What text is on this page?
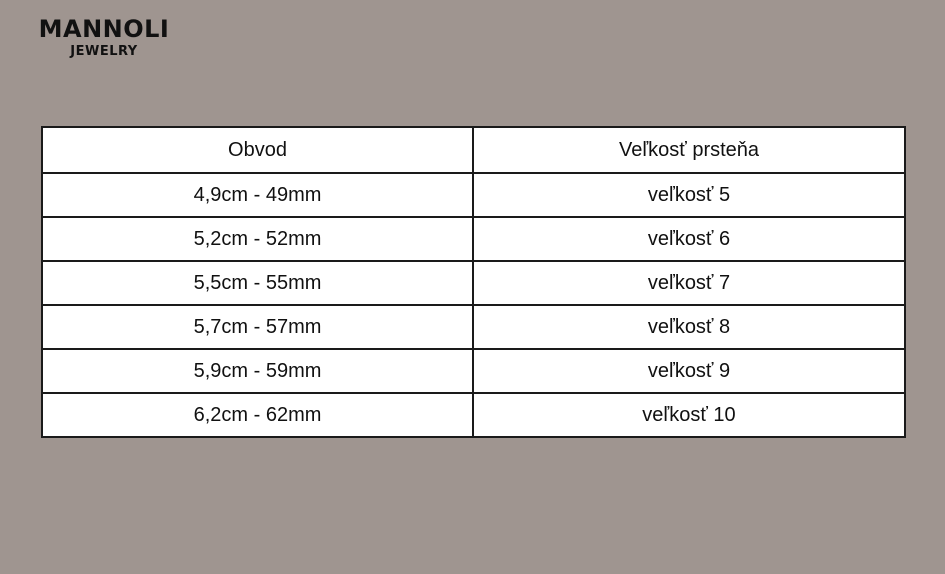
MANNOLI
JEWELRY
Obvod	Veľkosť prsteňa
4,9cm - 49mm	veľkosť 5
5,2cm - 52mm	veľkosť 6
5,5cm - 55mm	veľkosť 7
5,7cm - 57mm	veľkosť 8
5,9cm - 59mm	veľkosť 9
6,2cm - 62mm	veľkosť 10
